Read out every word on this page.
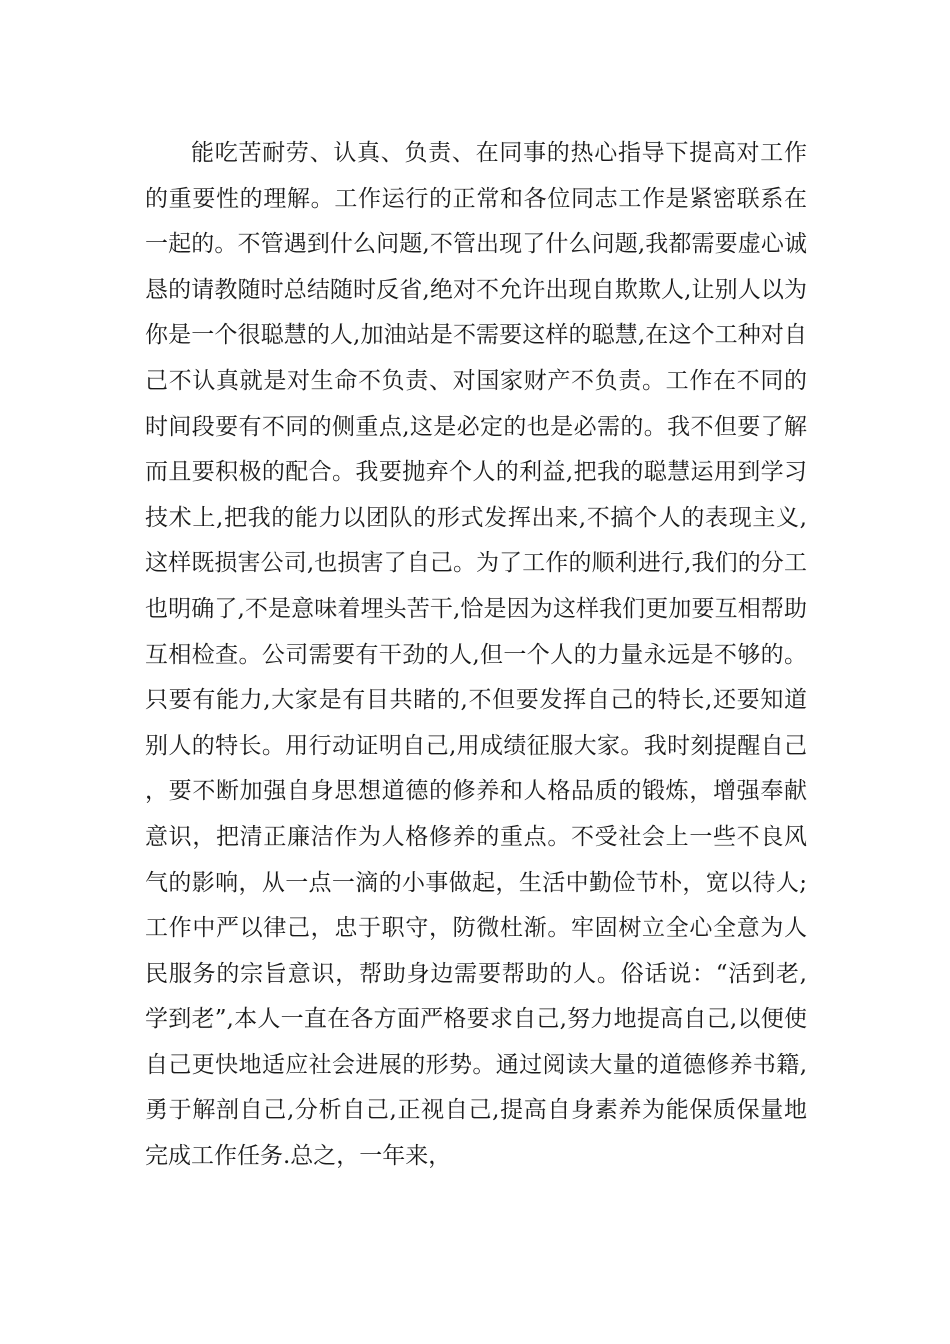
能吃苦耐劳、认真、负责、在同事的热心指导下提高对工作的重要性的理解。工作运行的正常和各位同志工作是紧密联系在一起的。不管遇到什么问题,不管出现了什么问题,我都需要虚心诚恳的请教随时总结随时反省,绝对不允许出现自欺欺人,让别人以为你是一个很聪慧的人,加油站是不需要这样的聪慧,在这个工种对自己不认真就是对生命不负责、对国家财产不负责。工作在不同的时间段要有不同的侧重点,这是必定的也是必需的。我不但要了解而且要积极的配合。我要抛弃个人的利益,把我的聪慧运用到学习技术上,把我的能力以团队的形式发挥出来,不搞个人的表现主义,这样既损害公司,也损害了自己。为了工作的顺利进行,我们的分工也明确了,不是意味着埋头苦干,恰是因为这样我们更加要互相帮助互相检查。公司需要有干劲的人,但一个人的力量永远是不够的。只要有能力,大家是有目共睹的,不但要发挥自己的特长,还要知道别人的特长。用行动证明自己,用成绩征服大家。我时刻提醒自己，要不断加强自身思想道德的修养和人格品质的锻炼，增强奉献意识，把清正廉洁作为人格修养的重点。不受社会上一些不良风气的影响，从一点一滴的小事做起，生活中勤俭节朴，宽以待人;工作中严以律己，忠于职守，防微杜渐。牢固树立全心全意为人民服务的宗旨意识，帮助身边需要帮助的人。俗话说：“活到老,学到老”,本人一直在各方面严格要求自己,努力地提高自己,以便使自己更快地适应社会进展的形势。通过阅读大量的道德修养书籍,勇于解剖自己,分析自己,正视自己,提高自身素养为能保质保量地完成工作任务.总之，一年来，
